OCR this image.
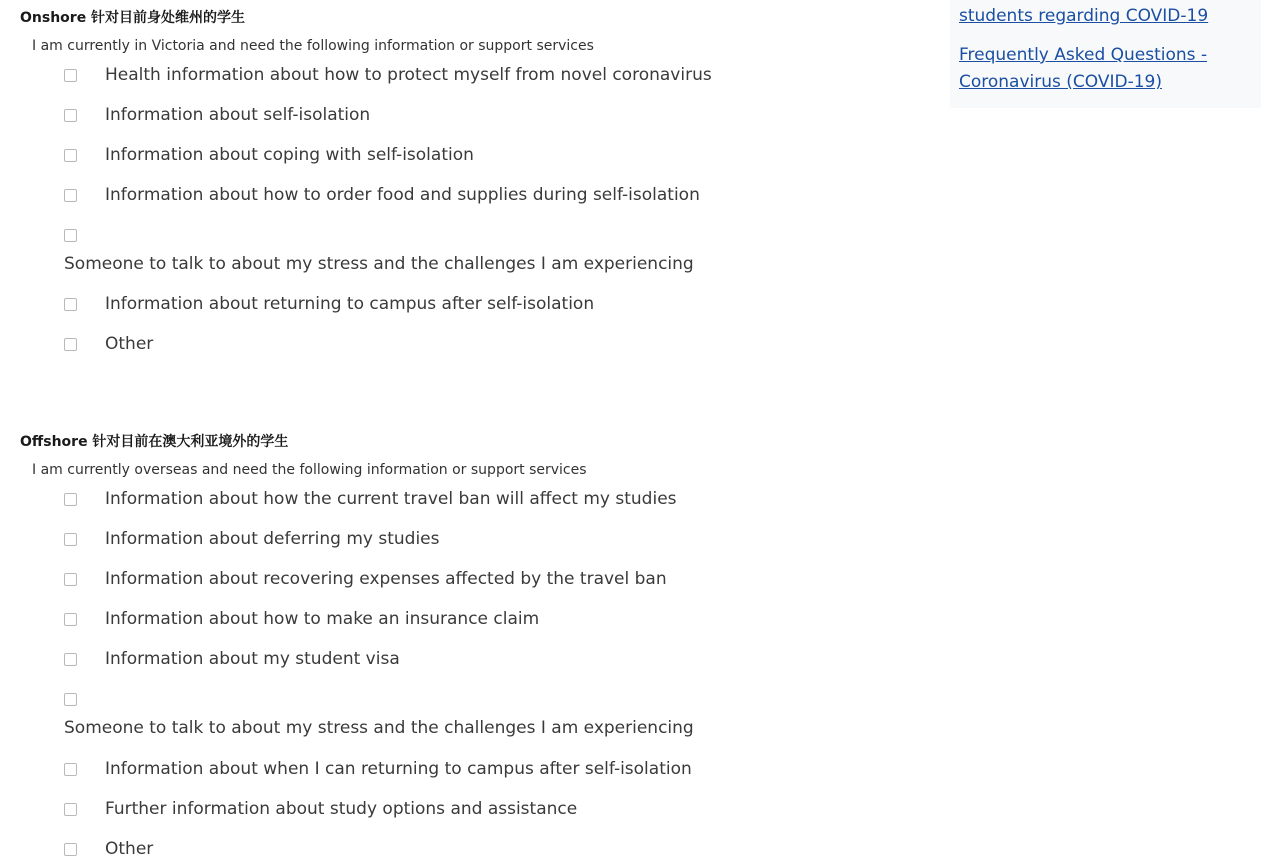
Onshore 针对目前身处维州的学生
I am currently in Victoria and need the following information or support services
Health information about how to protect myself from novel coronavirus
Information about self-isolation
Information about coping with self-isolation
Information about how to order food and supplies during self-isolation
Someone to talk to about my stress and the challenges I am experiencing
Information about returning to campus after self-isolation
Other
Offshore 针对目前在澳大利亚境外的学生
I am currently overseas and need the following information or support services
Information about how the current travel ban will affect my studies
Information about deferring my studies
Information about recovering expenses affected by the travel ban
Information about how to make an insurance claim
Information about my student visa
Someone to talk to about my stress and the challenges I am experiencing
Information about when I can returning to campus after self-isolation
Further information about study options and assistance
Other
students regarding COVID-19
Frequently Asked Questions -
Coronavirus (COVID-19)
